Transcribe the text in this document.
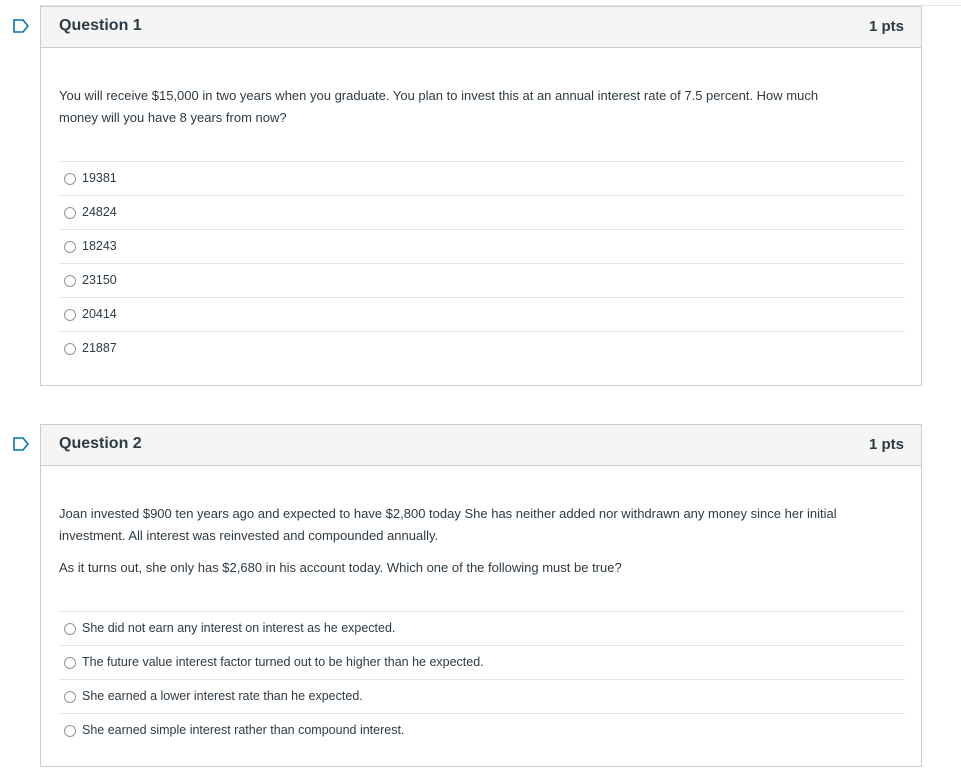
Question 1	1 pts
You will receive $15,000 in two years when you graduate. You plan to invest this at an annual interest rate of 7.5 percent. How much
money will you have 8 years from now?
19381
24824
18243
23150
20414
21887
Question 2	1 pts
Joan invested $900 ten years ago and expected to have $2,800 today She has neither added nor withdrawn any money since her initial
investment. All interest was reinvested and compounded annually.
As it turns out, she only has $2,680 in his account today. Which one of the following must be true?
She did not earn any interest on interest as he expected.
The future value interest factor turned out to be higher than he expected.
She earned a lower interest rate than he expected.
She earned simple interest rather than compound interest.
